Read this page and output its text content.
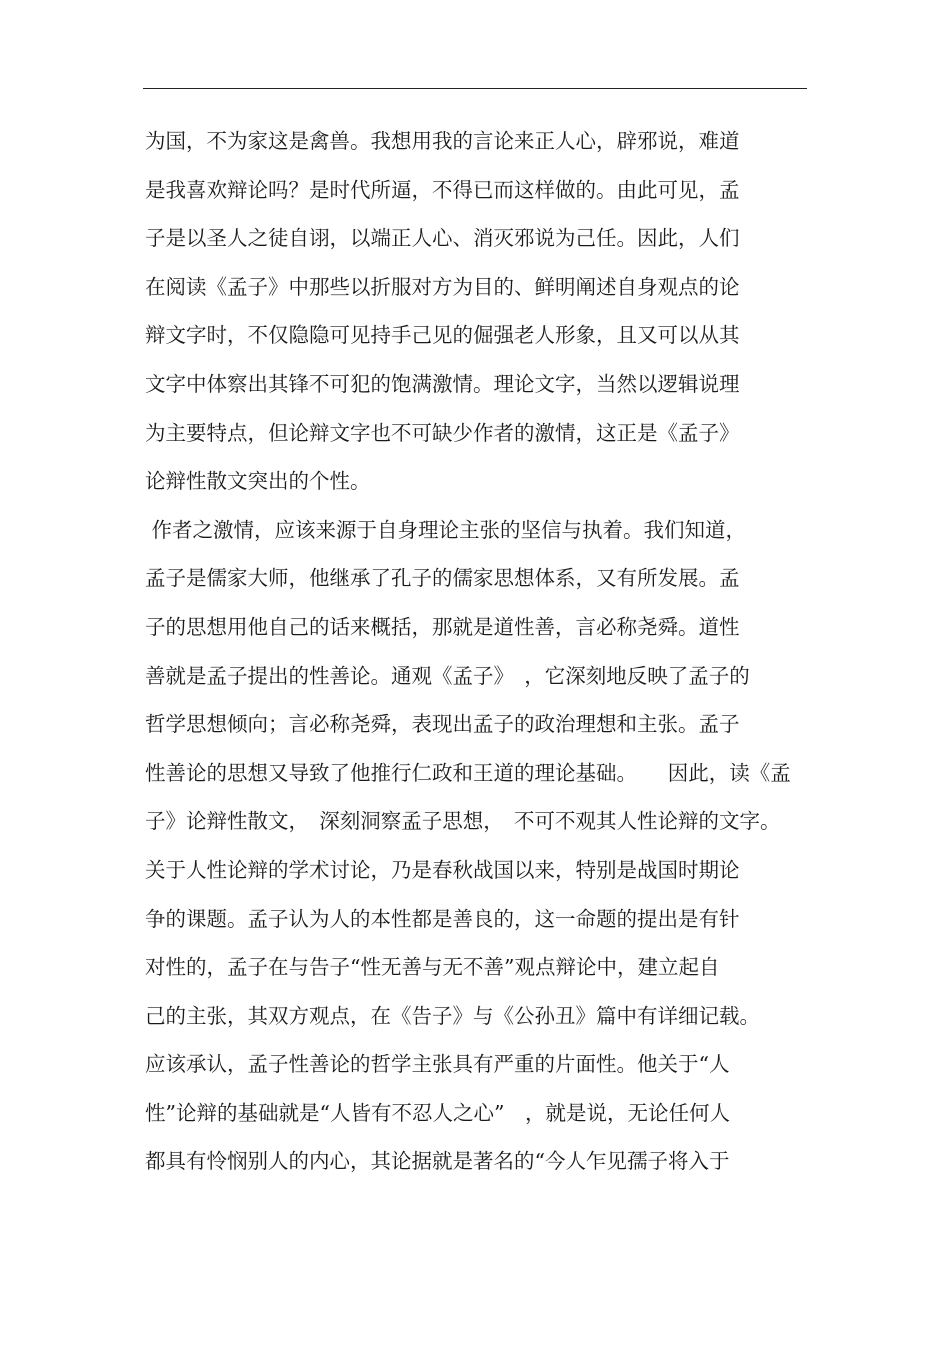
为国，不为家这是禽兽。我想用我的言论来正人心，辟邪说，难道
是我喜欢辩论吗？是时代所逼，不得已而这样做的。由此可见，孟
子是以圣人之徒自诩，以端正人心、消灭邪说为己任。因此，人们
在阅读《孟子》中那些以折服对方为目的、鲜明阐述自身观点的论
辩文字时，不仅隐隐可见持手己见的倔强老人形象，且又可以从其
文字中体察出其锋不可犯的饱满激情。理论文字，当然以逻辑说理
为主要特点，但论辩文字也不可缺少作者的激情，这正是《孟子》
论辩性散文突出的个性。
作者之激情，应该来源于自身理论主张的坚信与执着。我们知道，
孟子是儒家大师，他继承了孔子的儒家思想体系，又有所发展。孟
子的思想用他自己的话来概括，那就是道性善，言必称尧舜。道性
善就是孟子提出的性善论。通观《孟子》　，它深刻地反映了孟子的
哲学思想倾向；言必称尧舜，表现出孟子的政治理想和主张。孟子
性善论的思想又导致了他推行仁政和王道的理论基础。　　因此，读《孟
子》论辩性散文，　深刻洞察孟子思想，　不可不观其人性论辩的文字。
关于人性论辩的学术讨论，乃是春秋战国以来，特别是战国时期论
争的课题。孟子认为人的本性都是善良的，这一命题的提出是有针
对性的，孟子在与告子“性无善与无不善”观点辩论中，建立起自
己的主张，其双方观点，在《告子》与《公孙丑》篇中有详细记载。
应该承认，孟子性善论的哲学主张具有严重的片面性。他关于“人
性”论辩的基础就是“人皆有不忍人之心”　，就是说，无论任何人
都具有怜悯别人的内心，其论据就是著名的“今人乍见孺子将入于
